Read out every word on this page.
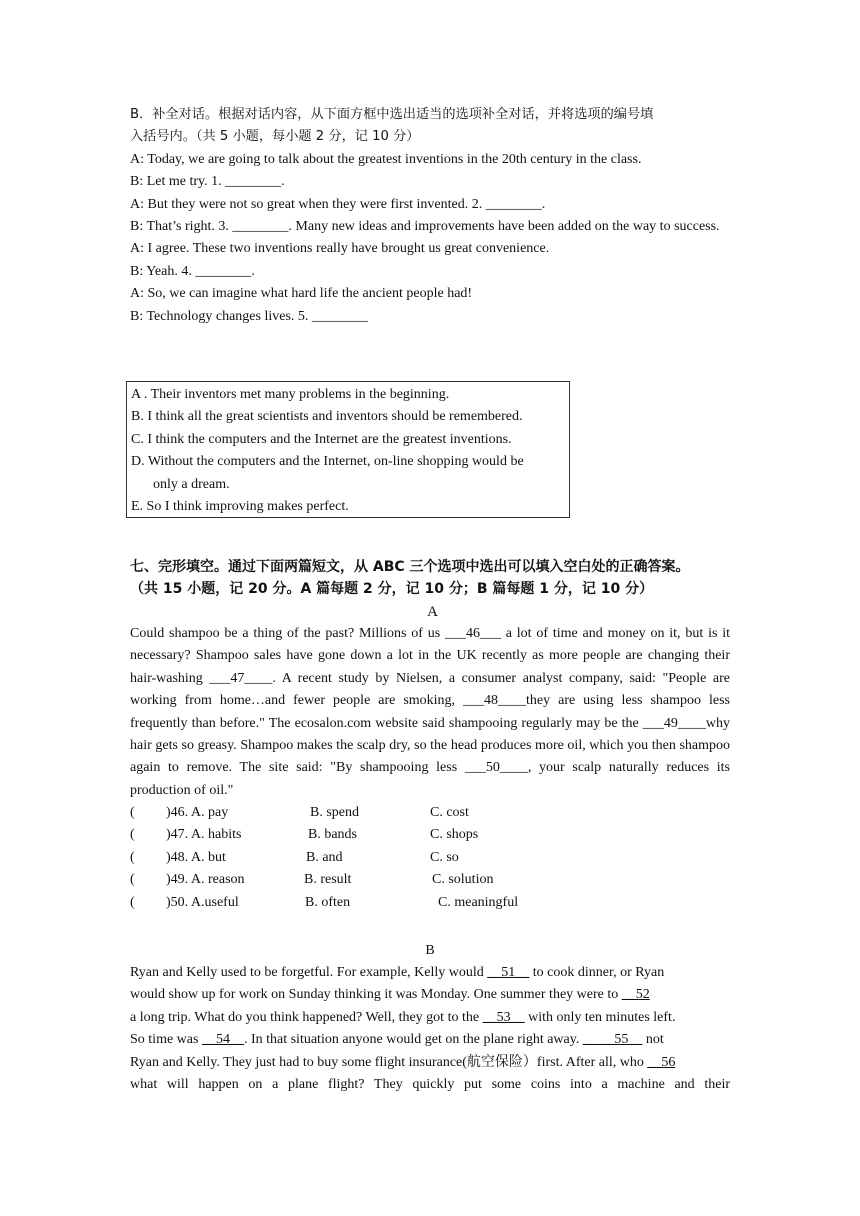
B．补全对话。根据对话内容，从下面方框中选出适当的选项补全对话，并将选项的编号填
入括号内。（共 5 小题，每小题 2 分，记 10 分）
A: Today, we are going to talk about the greatest inventions in the 20th century in the class.
B: Let me try. 1. ________.
A: But they were not so great when they were first invented. 2. ________.
B: That’s right. 3. ________. Many new ideas and improvements have been added on the way to success.
A: I agree. These two inventions really have brought us great convenience.
B: Yeah. 4. ________.
A: So, we can imagine what hard life the ancient people had!
B: Technology changes lives. 5. ________
A . Their inventors met many problems in the beginning.
B. I think all the great scientists and inventors should be remembered.
C. I think the computers and the Internet are the greatest inventions.
D. Without the computers and the Internet, on-line shopping would be
only a dream.
E. So I think improving makes perfect.
七、完形填空。通过下面两篇短文，从 ABC 三个选项中选出可以填入空白处的正确答案。
（共 15 小题，记 20 分。A 篇每题 2 分，记 10 分；B 篇每题 1 分，记 10 分）
A
Could shampoo be a thing of the past? Millions of us ___46___ a lot of time and money on it, but is it necessary? Shampoo sales have gone down a lot in the UK recently as more people are changing their hair-washing ___47____. A recent study by Nielsen, a consumer analyst company, said: "People are working from home…and fewer people are smoking, ___48____they are using less shampoo less frequently than before." The ecosalon.com website said shampooing regularly may be the ___49____why hair gets so greasy. Shampoo makes the scalp dry, so the head produces more oil, which you then shampoo again to remove. The site said: "By shampooing less ___50____, your scalp naturally reduces its production of oil."
( )46. A. pay	B. spend	C. cost
( )47. A. habits	B. bands	C. shops
( )48. A. but	B. and	C. so
( )49. A. reason	B. result	C. solution
( )50. A.useful	B. often	C. meaningful
B
Ryan and Kelly used to be forgetful. For example, Kelly would __51__ to cook dinner, or Ryan
would show up for work on Sunday thinking it was Monday. One summer they were to __52
a long trip. What do you think happened? Well, they got to the __53__ with only ten minutes left.
So time was __54__. In that situation anyone would get on the plane right away. __ __55__ not
Ryan and Kelly. They just had to buy some flight insurance(航空保险）first. After all, who __56
what will happen on a plane flight? They quickly put some coins into a machine and their
